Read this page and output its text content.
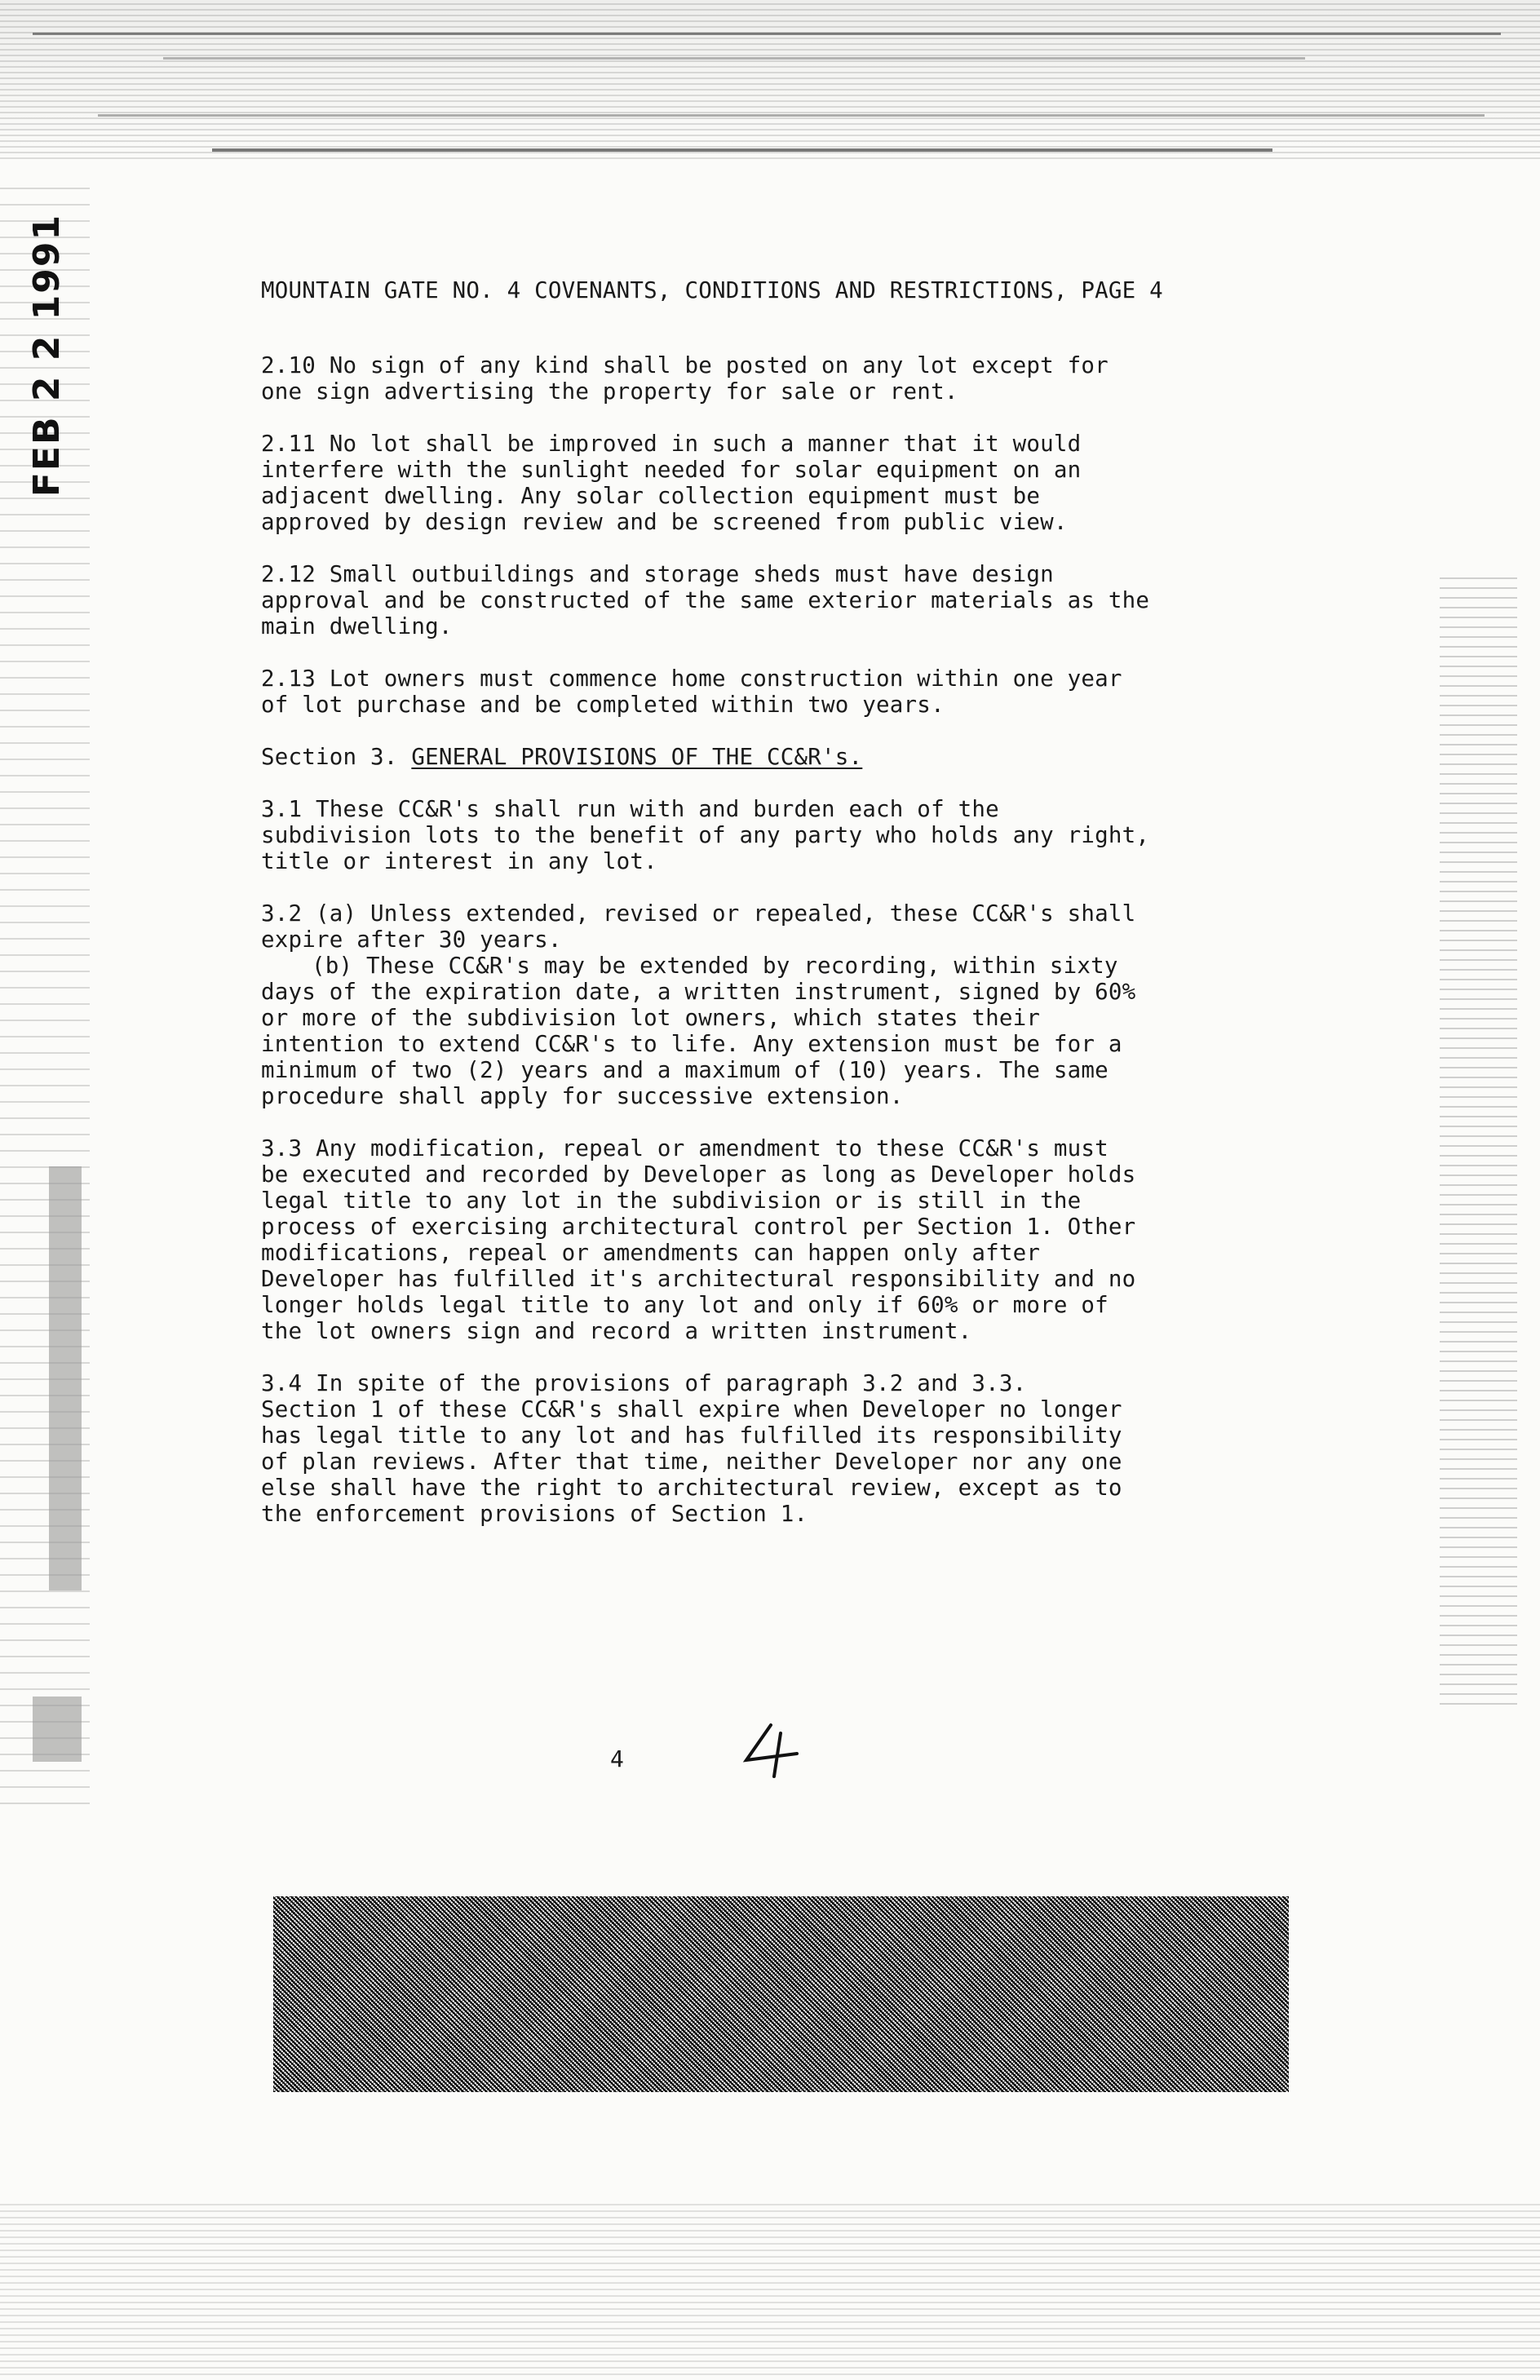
FEB 2 2 1991	MOUNTAIN GATE NO. 4 COVENANTS, CONDITIONS AND RESTRICTIONS, PAGE 4
2.10 No sign of any kind shall be posted on any lot except for
one sign advertising the property for sale or rent.
2.11 No lot shall be improved in such a manner that it would
interfere with the sunlight needed for solar equipment on an
adjacent dwelling. Any solar collection equipment must be
approved by design review and be screened from public view.
2.12 Small outbuildings and storage sheds must have design
approval and be constructed of the same exterior materials as the
main dwelling.
2.13 Lot owners must commence home construction within one year
of lot purchase and be completed within two years.
Section 3. GENERAL PROVISIONS OF THE CC&R's.
3.1 These CC&R's shall run with and burden each of the
subdivision lots to the benefit of any party who holds any right,
title or interest in any lot.
3.2 (a) Unless extended, revised or repealed, these CC&R's shall
expire after 30 years.
(b) These CC&R's may be extended by recording, within sixty
days of the expiration date, a written instrument, signed by 60%
or more of the subdivision lot owners, which states their
intention to extend CC&R's to life. Any extension must be for a
minimum of two (2) years and a maximum of (10) years. The same
procedure shall apply for successive extension.
3.3 Any modification, repeal or amendment to these CC&R's must
be executed and recorded by Developer as long as Developer holds
legal title to any lot in the subdivision or is still in the
process of exercising architectural control per Section 1. Other
modifications, repeal or amendments can happen only after
Developer has fulfilled it's architectural responsibility and no
longer holds legal title to any lot and only if 60% or more of
the lot owners sign and record a written instrument.
3.4 In spite of the provisions of paragraph 3.2 and 3.3.
Section 1 of these CC&R's shall expire when Developer no longer
has legal title to any lot and has fulfilled its responsibility
of plan reviews. After that time, neither Developer nor any one
else shall have the right to architectural review, except as to
the enforcement provisions of Section 1.
4
